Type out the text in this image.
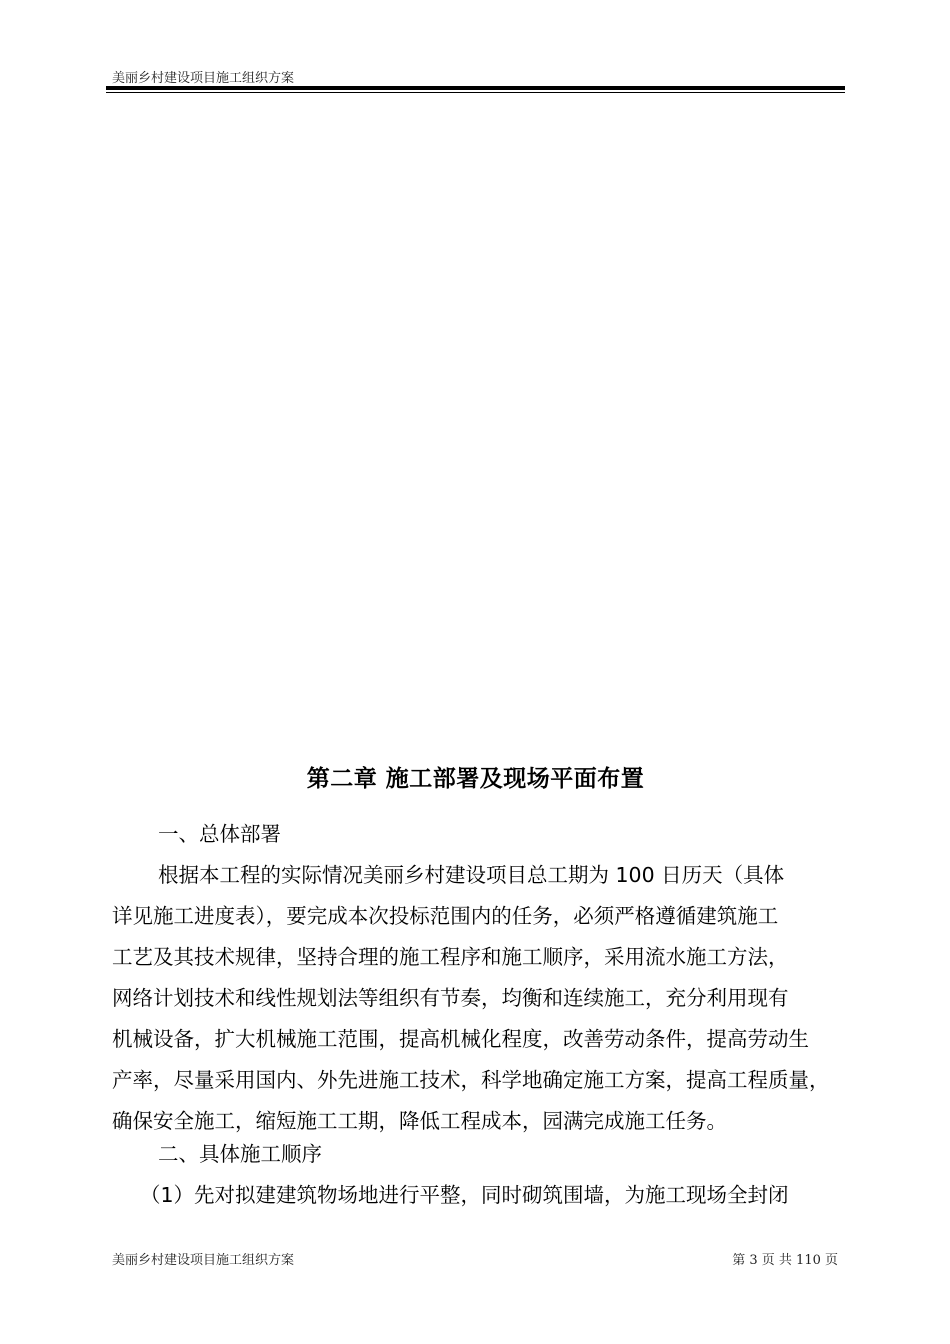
美丽乡村建设项目施工组织方案
第二章 施工部署及现场平面布置
一、总体部署
根据本工程的实际情况美丽乡村建设项目总工期为 100 日历天（具体
详见施工进度表），要完成本次投标范围内的任务，必须严格遵循建筑施工
工艺及其技术规律，坚持合理的施工程序和施工顺序，采用流水施工方法，
网络计划技术和线性规划法等组织有节奏，均衡和连续施工，充分利用现有
机械设备，扩大机械施工范围，提高机械化程度，改善劳动条件，提高劳动生
产率，尽量采用国内、外先进施工技术，科学地确定施工方案，提高工程质量，
确保安全施工，缩短施工工期，降低工程成本，园满完成施工任务。
二、具体施工顺序
（1）先对拟建建筑物场地进行平整，同时砌筑围墙，为施工现场全封闭
美丽乡村建设项目施工组织方案	第 3 页 共 110 页
